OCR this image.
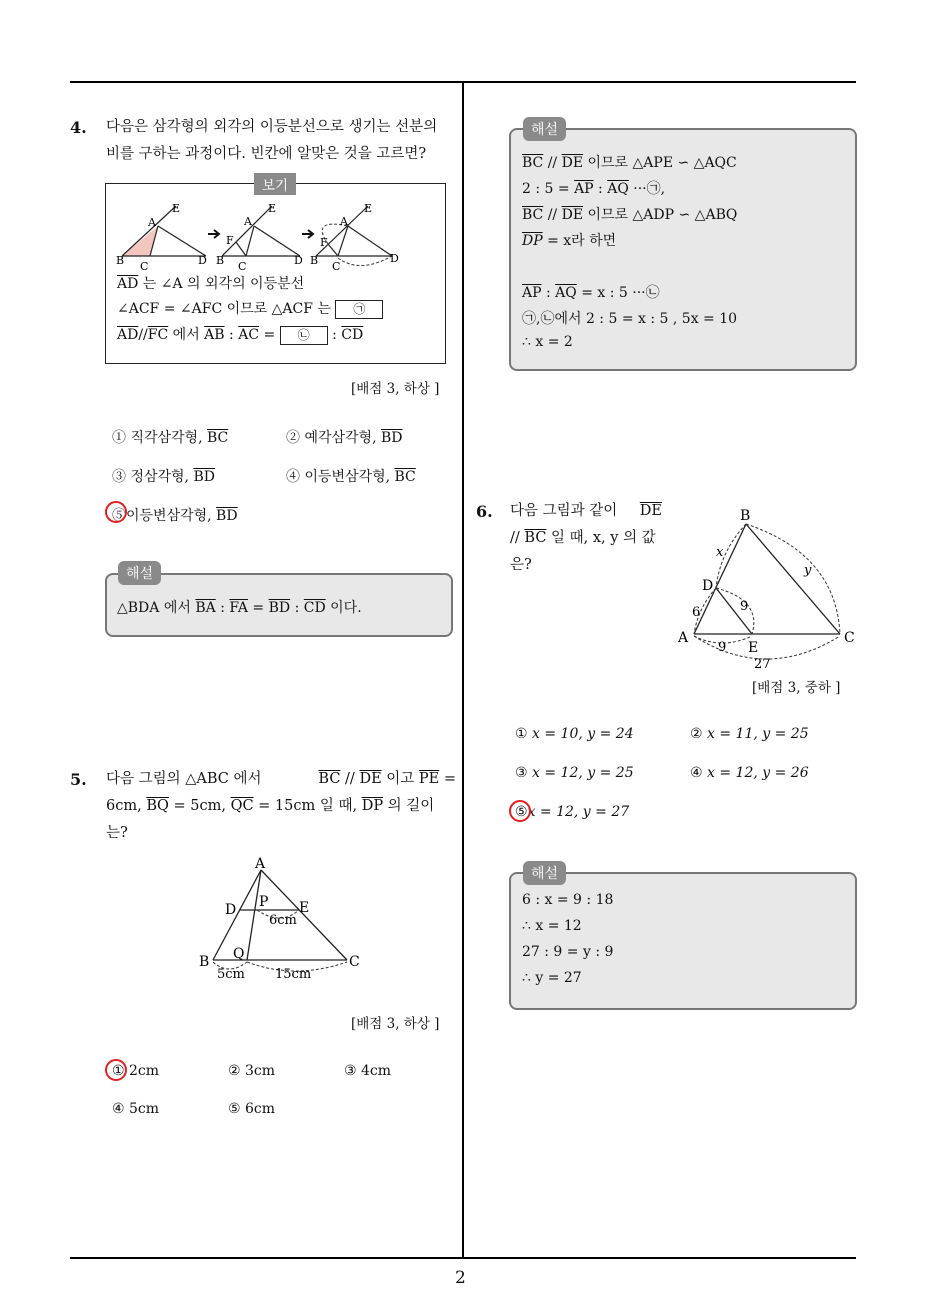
2
4. 다음은 삼각형의 외각의 이등분선으로 생기는 선분의
비를 구하는 과정이다. 빈칸에 알맞은 것을 고르면?
보기
A
E
B C	D
A
E
F
B C	D
A
E
F
B C
D
$\overline{AD}$ 는 ∠A 의 외각의 이등분선
∠ACF = ∠AFC 이므로 △ACF 는 ㉠
$\overline{AD}//\overline{FC}$ 에서 $\overline{AB}$ : $\overline{AC}$ = ㉡ : $\overline{CD}$
[배점 3, 하상 ]
① 직각삼각형, $\overline{BC}$	② 예각삼각형, $\overline{BD}$
③ 정삼각형, $\overline{BD}$	④ 이등변삼각형, $\overline{BC}$
⑤이등변삼각형, $\overline{BD}$
해설
△BDA 에서 $\overline{BA}$ : $\overline{FA} = \overline{BD}$ : $\overline{CD}$ 이다.
5. 다음 그림의 △ABC 에서	$\overline{BC} // \overline{DE}$ 이고 $\overline{PE}$ =
6cm, $\overline{BQ} = 5cm$, $\overline{QC} = 15cm$ 일 때, $\overline{DP}$ 의 길이
는?
A
D P E
6cm
B Q	C
5cm 15cm
[배점 3, 하상 ]
① 2cm	② 3cm	③ 4cm
④ 5cm	⑤ 6cm
해설
$\overline{BC} // \overline{DE}$ 이므로 △APE ∽ △AQC
2 : $5 = \overline{AP}$ : $\overline{AQ}$ ···㉠,
$\overline{BC} // \overline{DE}$ 이므로 △ADP ∽ △ABQ
$\overline{DP} = x$라 하면
$\overline{AP}$ : $\overline{AQ} = x$ : 5 ···㉡
㉠,㉡에서 2 : 5 = x : 5 , 5x = 10
∴ x = 2
6. 다음 그림과 같이 $\overline{DE}$
// $\overline{BC}$ 일 때, x, y 의 값
은?
B
x
y
D
6	9
A
9 E
C
27
[배점 3, 중하 ]
① x = 10, y = 24	② x = 11, y = 25
③ x = 12, y = 25	④ x = 12, y = 26
⑤x = 12, y = 27
해설
6 : x = 9 : 18
∴ x = 12
27 : 9 = y : 9
∴ y = 27
